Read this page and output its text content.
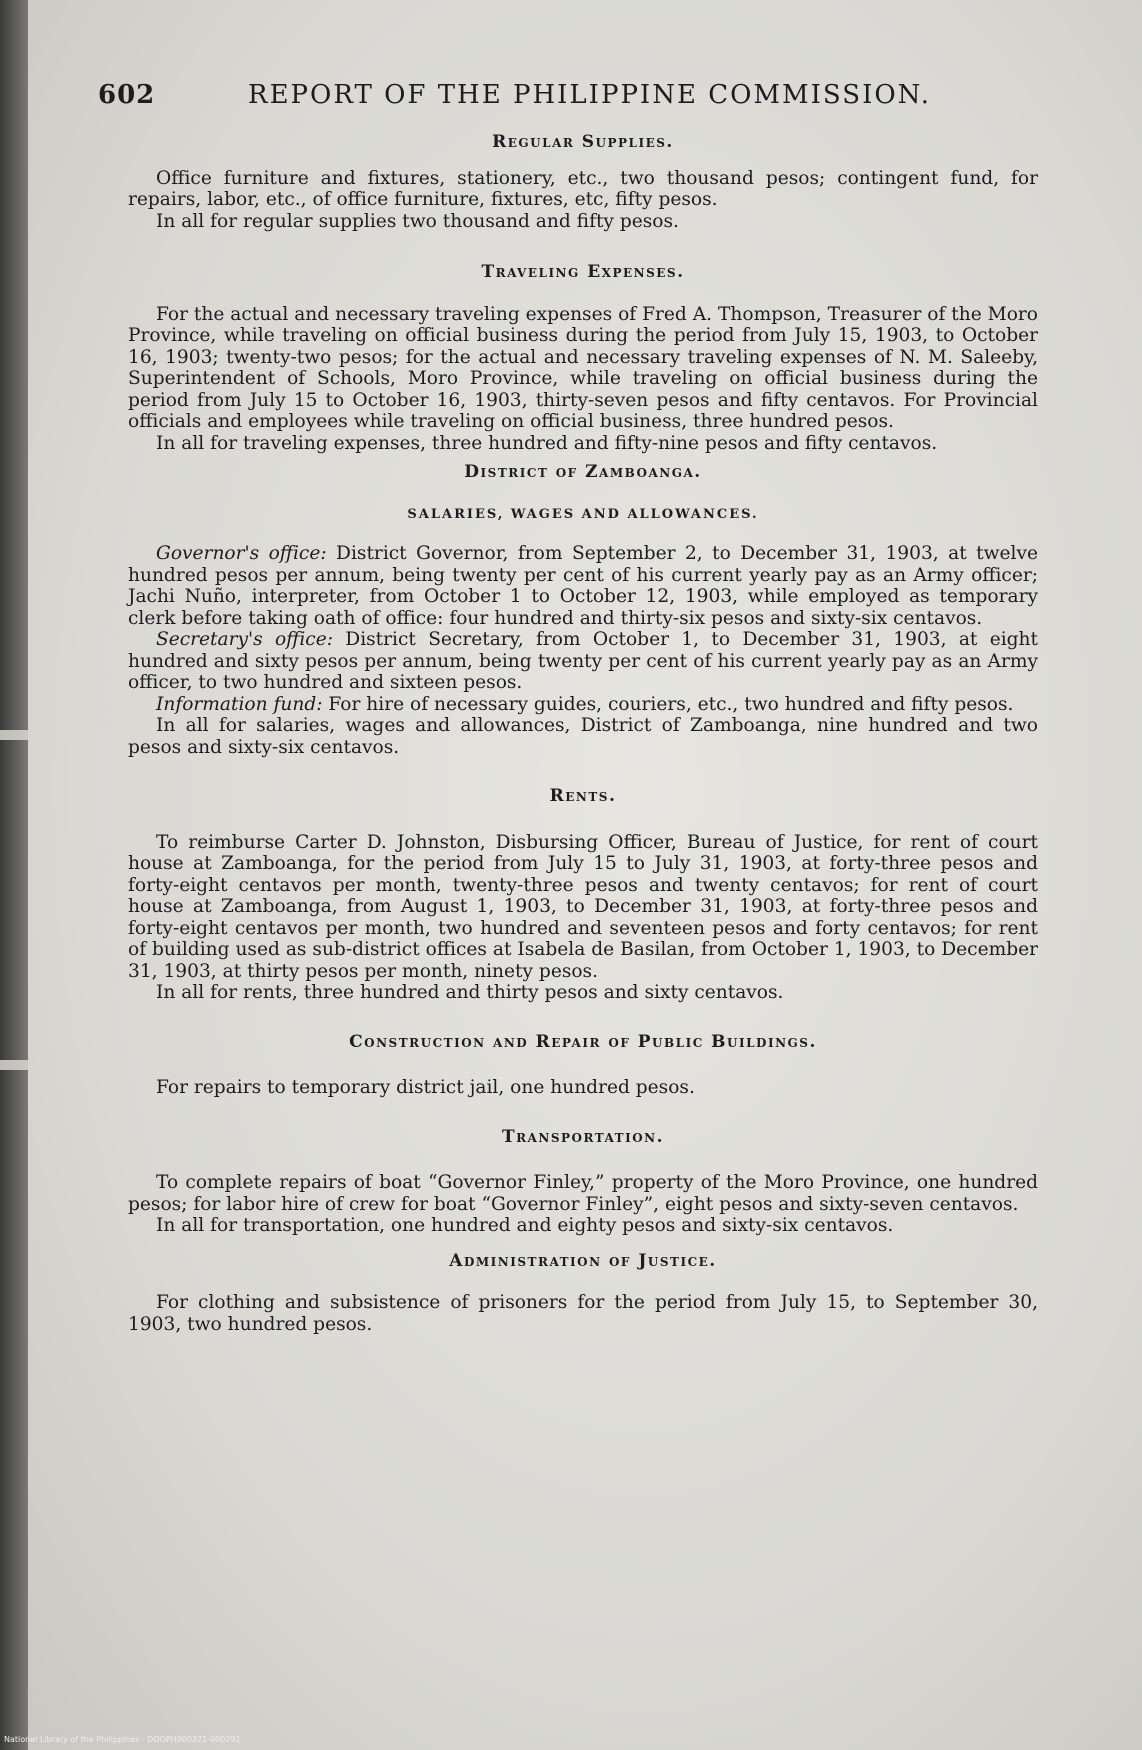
602	REPORT OF THE PHILIPPINE COMMISSION.
Regular Supplies.

Office furniture and fixtures, stationery, etc., two thousand pesos; contingent fund, for repairs, labor, etc., of office furniture, fixtures, etc, fifty pesos.

In all for regular supplies two thousand and fifty pesos.

Traveling Expenses.

For the actual and necessary traveling expenses of Fred A. Thompson, Treasurer of the Moro Province, while traveling on official business during the period from July 15, 1903, to October 16, 1903; twenty-two pesos; for the actual and necessary traveling expenses of N. M. Saleeby, Superintendent of Schools, Moro Province, while traveling on official business during the period from July 15 to October 16, 1903, thirty-seven pesos and fifty centavos. For Provincial officials and employees while traveling on official business, three hundred pesos.

In all for traveling expenses, three hundred and fifty-nine pesos and fifty centavos.

District of Zamboanga.
SALARIES, WAGES AND ALLOWANCES.

Governor's office: District Governor, from September 2, to December 31, 1903, at twelve hundred pesos per annum, being twenty per cent of his current yearly pay as an Army officer; Jachi Nuño, interpreter, from October 1 to October 12, 1903, while employed as temporary clerk before taking oath of office: four hundred and thirty-six pesos and sixty-six centavos.

Secretary's office: District Secretary, from October 1, to December 31, 1903, at eight hundred and sixty pesos per annum, being twenty per cent of his current yearly pay as an Army officer, to two hundred and sixteen pesos.

Information fund: For hire of necessary guides, couriers, etc., two hundred and fifty pesos.

In all for salaries, wages and allowances, District of Zamboanga, nine hundred and two pesos and sixty-six centavos.

Rents.

To reimburse Carter D. Johnston, Disbursing Officer, Bureau of Justice, for rent of court house at Zamboanga, for the period from July 15 to July 31, 1903, at forty-three pesos and forty-eight centavos per month, twenty-three pesos and twenty centavos; for rent of court house at Zamboanga, from August 1, 1903, to December 31, 1903, at forty-three pesos and forty-eight centavos per month, two hundred and seventeen pesos and forty centavos; for rent of building used as sub-district offices at Isabela de Basilan, from October 1, 1903, to December 31, 1903, at thirty pesos per month, ninety pesos.

In all for rents, three hundred and thirty pesos and sixty centavos.

Construction and Repair of Public Buildings.

For repairs to temporary district jail, one hundred pesos.

Transportation.

To complete repairs of boat “Governor Finley,” property of the Moro Province, one hundred pesos; for labor hire of crew for boat “Governor Finley”, eight pesos and sixty-seven centavos.

In all for transportation, one hundred and eighty pesos and sixty-six centavos.

Administration of Justice.

For clothing and subsistence of prisoners for the period from July 15, to September 30, 1903, two hundred pesos.

National Library of the Philippines · DOOPH000321-000291
